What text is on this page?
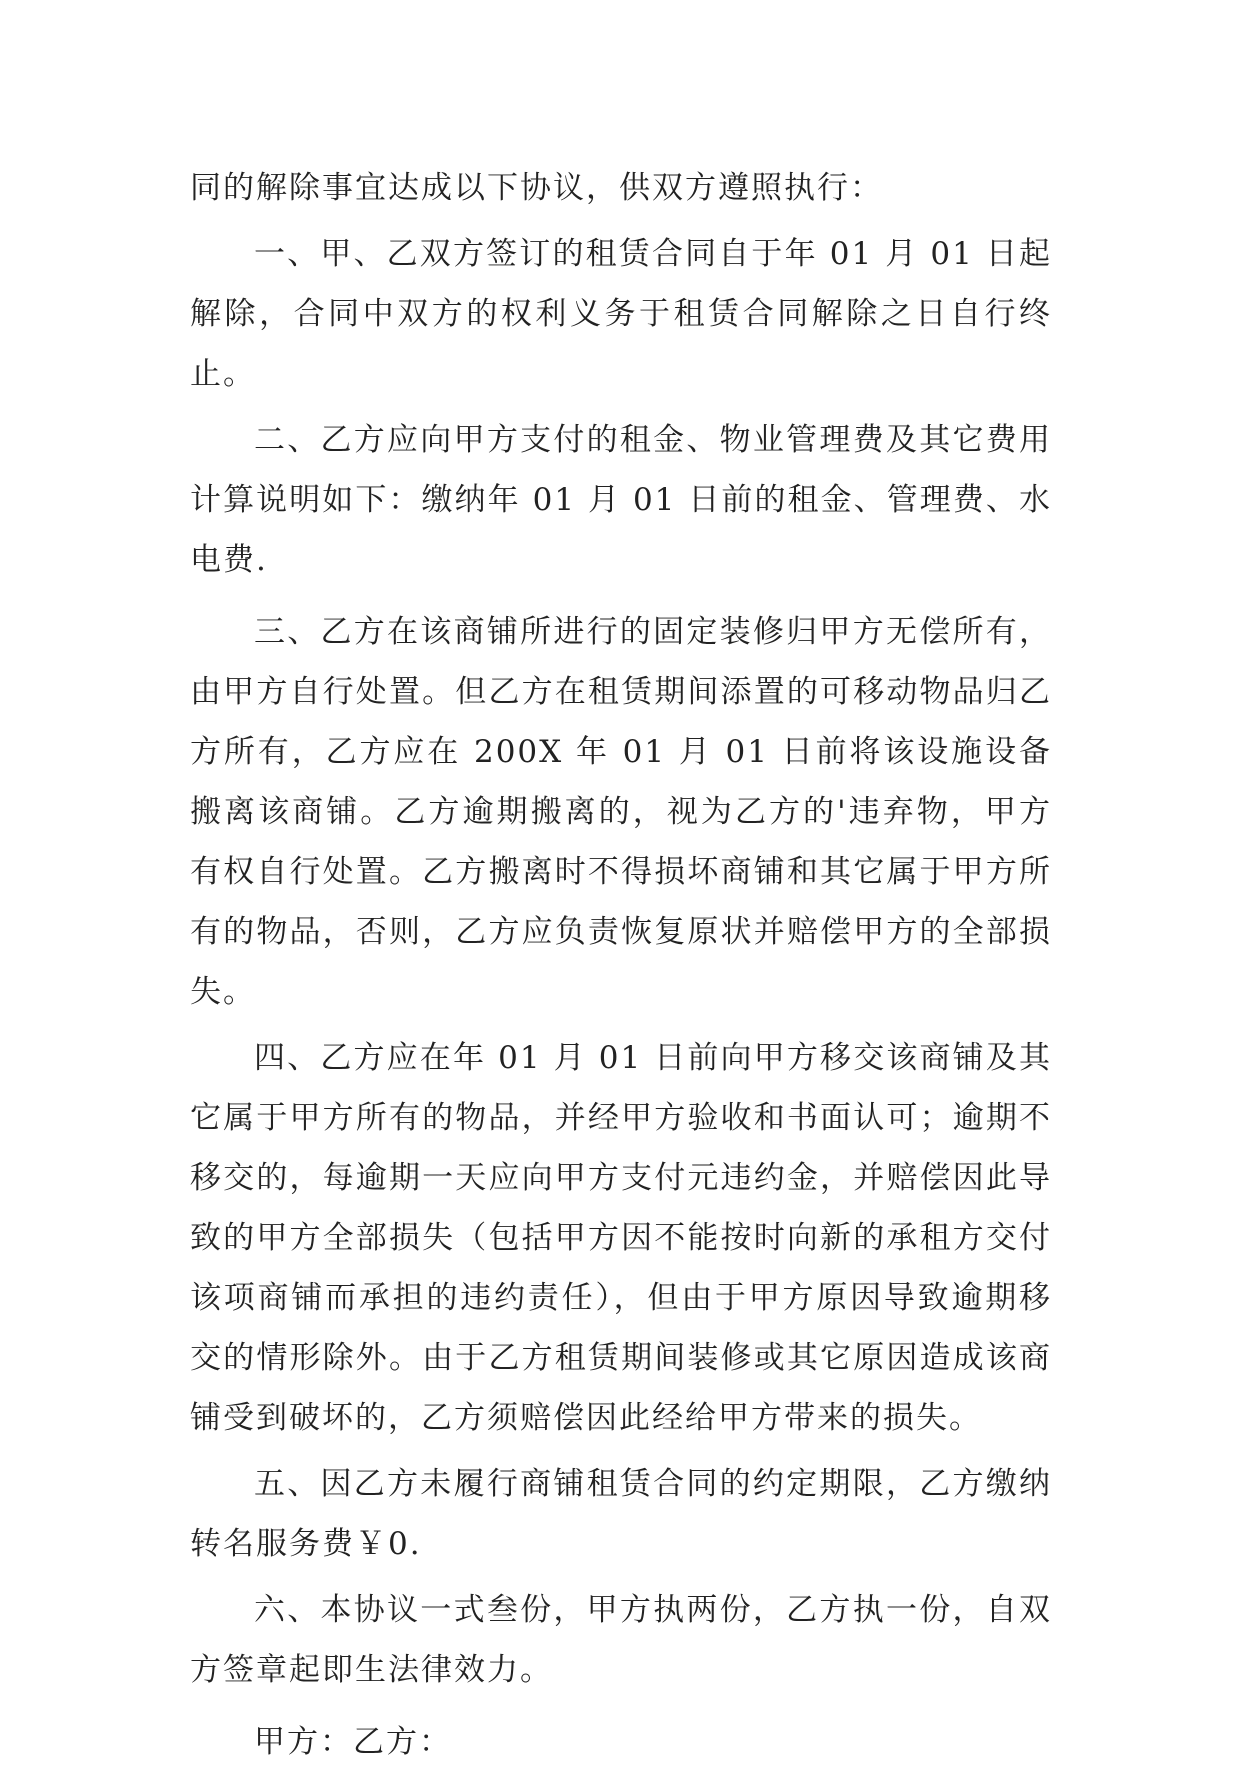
同的解除事宜达成以下协议，供双方遵照执行：

一、甲、乙双方签订的租赁合同自于年 01 月 01 日起解除，合同中双方的权利义务于租赁合同解除之日自行终止。

二、乙方应向甲方支付的租金、物业管理费及其它费用计算说明如下：缴纳年 01 月 01 日前的租金、管理费、水电费.

三、乙方在该商铺所进行的固定装修归甲方无偿所有，由甲方自行处置。但乙方在租赁期间添置的可移动物品归乙方所有，乙方应在 200X 年 01 月 01 日前将该设施设备搬离该商铺。乙方逾期搬离的，视为乙方的'违弃物，甲方有权自行处置。乙方搬离时不得损坏商铺和其它属于甲方所有的物品，否则，乙方应负责恢复原状并赔偿甲方的全部损失。

四、乙方应在年 01 月 01 日前向甲方移交该商铺及其它属于甲方所有的物品，并经甲方验收和书面认可；逾期不移交的，每逾期一天应向甲方支付元违约金，并赔偿因此导致的甲方全部损失（包括甲方因不能按时向新的承租方交付该项商铺而承担的违约责任），但由于甲方原因导致逾期移交的情形除外。由于乙方租赁期间装修或其它原因造成该商铺受到破坏的，乙方须赔偿因此经给甲方带来的损失。

五、因乙方未履行商铺租赁合同的约定期限，乙方缴纳转名服务费￥0.

六、本协议一式叁份，甲方执两份，乙方执一份，自双方签章起即生法律效力。

甲方：乙方：
